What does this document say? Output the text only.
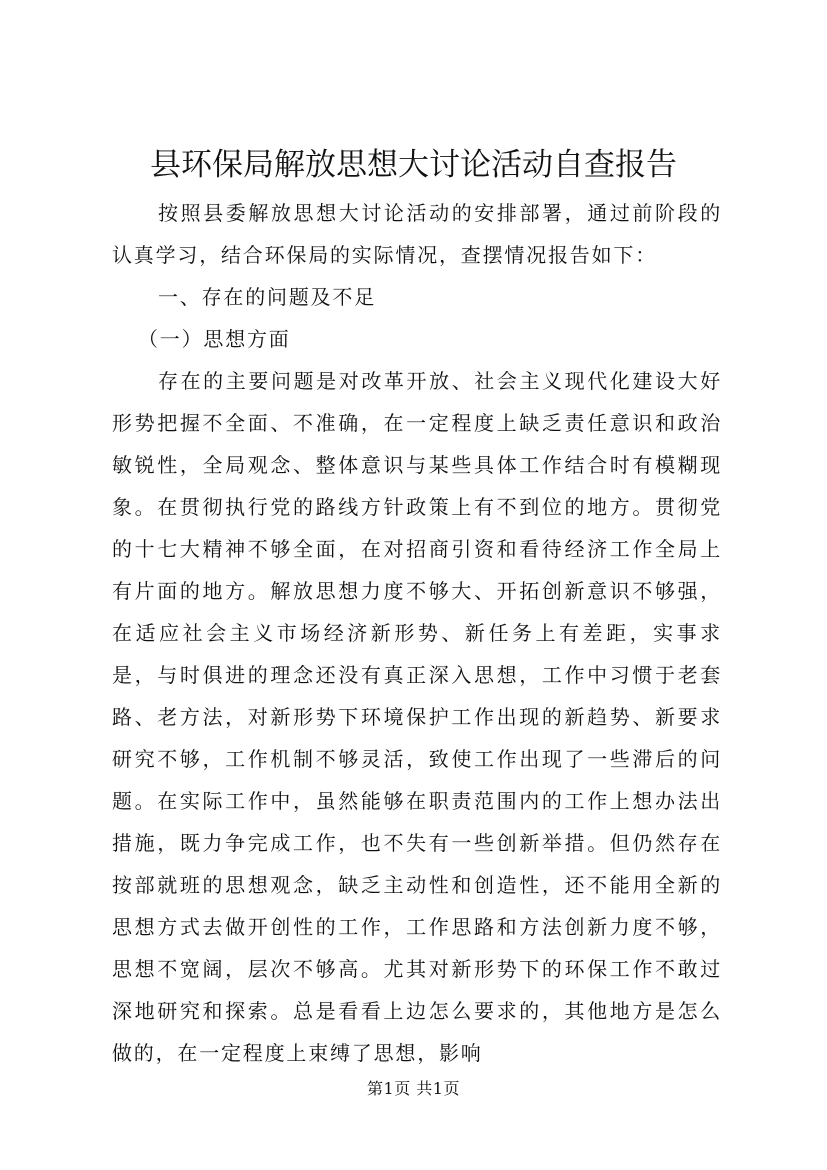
县环保局解放思想大讨论活动自查报告

按照县委解放思想大讨论活动的安排部署，通过前阶段的认真学习，结合环保局的实际情况，查摆情况报告如下：

一、存在的问题及不足

（一）思想方面

存在的主要问题是对改革开放、社会主义现代化建设大好形势把握不全面、不准确，在一定程度上缺乏责任意识和政治敏锐性，全局观念、整体意识与某些具体工作结合时有模糊现象。在贯彻执行党的路线方针政策上有不到位的地方。贯彻党的十七大精神不够全面，在对招商引资和看待经济工作全局上有片面的地方。解放思想力度不够大、开拓创新意识不够强，在适应社会主义市场经济新形势、新任务上有差距，实事求是，与时俱进的理念还没有真正深入思想，工作中习惯于老套路、老方法，对新形势下环境保护工作出现的新趋势、新要求研究不够，工作机制不够灵活，致使工作出现了一些滞后的问题。在实际工作中，虽然能够在职责范围内的工作上想办法出措施，既力争完成工作，也不失有一些创新举措。但仍然存在按部就班的思想观念，缺乏主动性和创造性，还不能用全新的思想方式去做开创性的工作，工作思路和方法创新力度不够，思想不宽阔，层次不够高。尤其对新形势下的环保工作不敢过深地研究和探索。总是看看上边怎么要求的，其他地方是怎么做的，在一定程度上束缚了思想，影响

第1页 共1页
